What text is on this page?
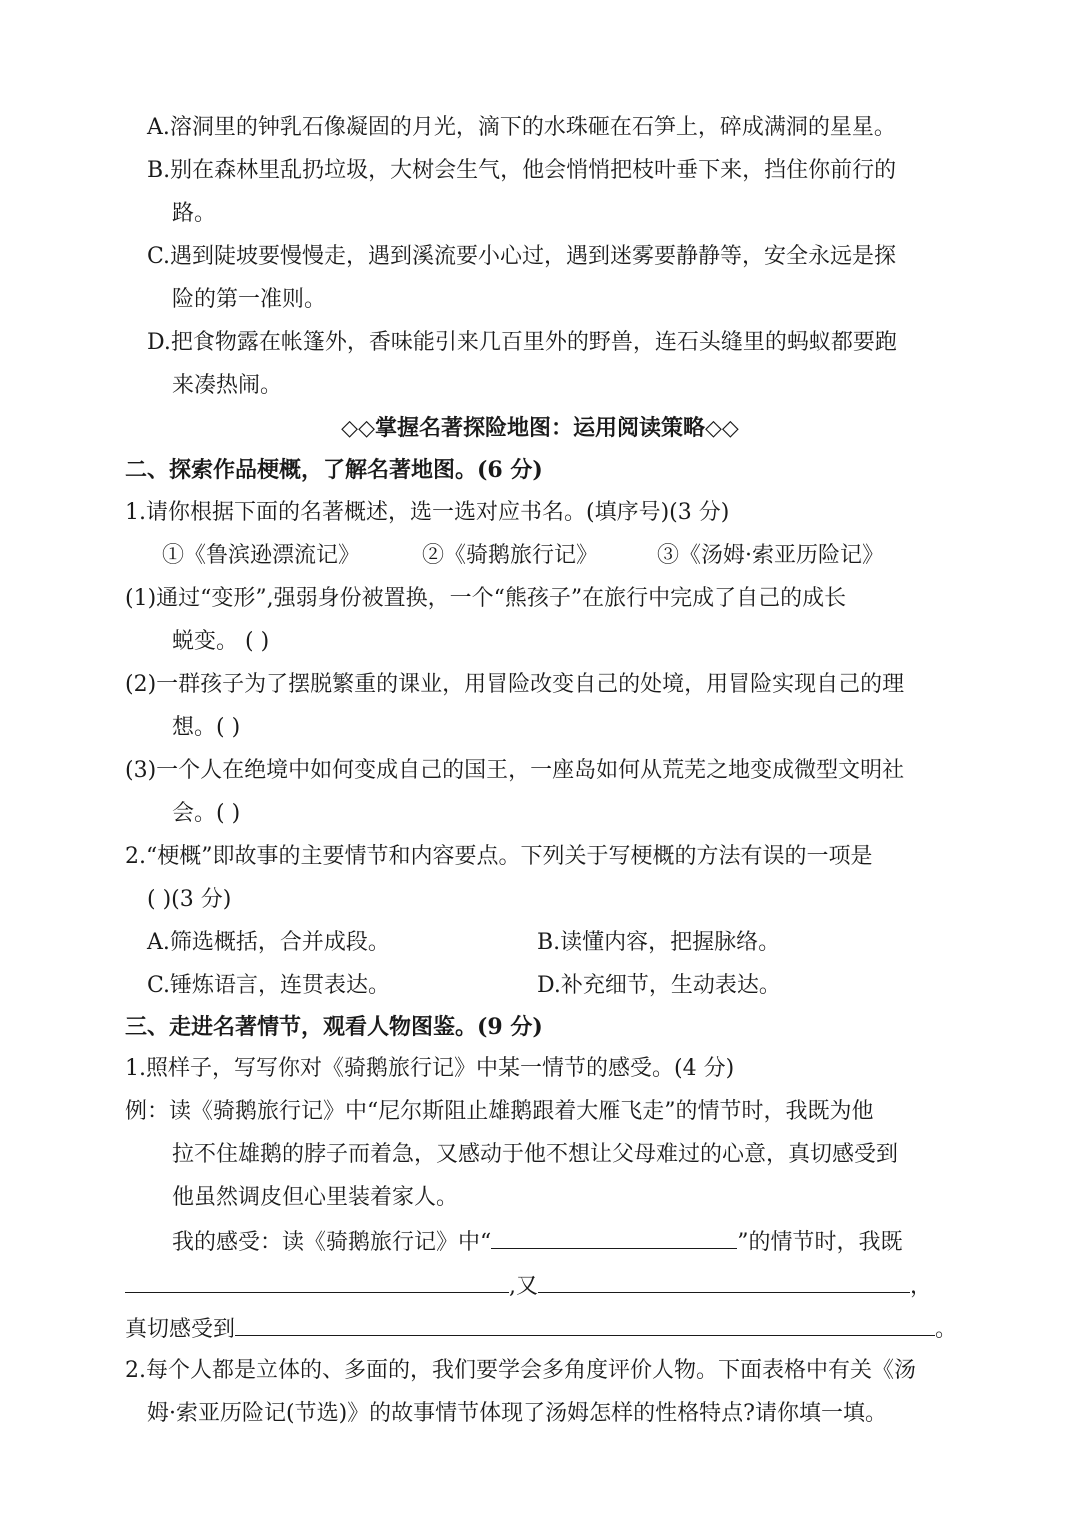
A.溶洞里的钟乳石像凝固的月光，滴下的水珠砸在石笋上，碎成满洞的星星。
B.别在森林里乱扔垃圾，大树会生气，他会悄悄把枝叶垂下来，挡住你前行的
路。
C.遇到陡坡要慢慢走，遇到溪流要小心过，遇到迷雾要静静等，安全永远是探
险的第一准则。
D.把食物露在帐篷外，香味能引来几百里外的野兽，连石头缝里的蚂蚁都要跑
来凑热闹。
◇◇掌握名著探险地图：运用阅读策略◇◇
二、探索作品梗概，了解名著地图。(6 分)
1.请你根据下面的名著概述，选一选对应书名。(填序号)(3 分)
①《鲁滨逊漂流记》	②《骑鹅旅行记》	③《汤姆·索亚历险记》
(1)通过“变形”,强弱身份被置换，一个“熊孩子”在旅行中完成了自己的成长
蜕变。 ( )
(2)一群孩子为了摆脱繁重的课业，用冒险改变自己的处境，用冒险实现自己的理
想。( )
(3)一个人在绝境中如何变成自己的国王，一座岛如何从荒芜之地变成微型文明社
会。( )
2.“梗概”即故事的主要情节和内容要点。下列关于写梗概的方法有误的一项是
( )(3 分)
A.筛选概括，合并成段。	B.读懂内容，把握脉络。
C.锤炼语言，连贯表达。	D.补充细节，生动表达。
三、走进名著情节，观看人物图鉴。(9 分)
1.照样子，写写你对《骑鹅旅行记》中某一情节的感受。(4 分)
例：读《骑鹅旅行记》中“尼尔斯阻止雄鹅跟着大雁飞走”的情节时，我既为他
拉不住雄鹅的脖子而着急，又感动于他不想让父母难过的心意，真切感受到
他虽然调皮但心里装着家人。
我的感受：读《骑鹅旅行记》中“	”的情节时，我既
,又	，
真切感受到	。
2.每个人都是立体的、多面的，我们要学会多角度评价人物。下面表格中有关《汤
姆·索亚历险记(节选)》的故事情节体现了汤姆怎样的性格特点?请你填一填。
